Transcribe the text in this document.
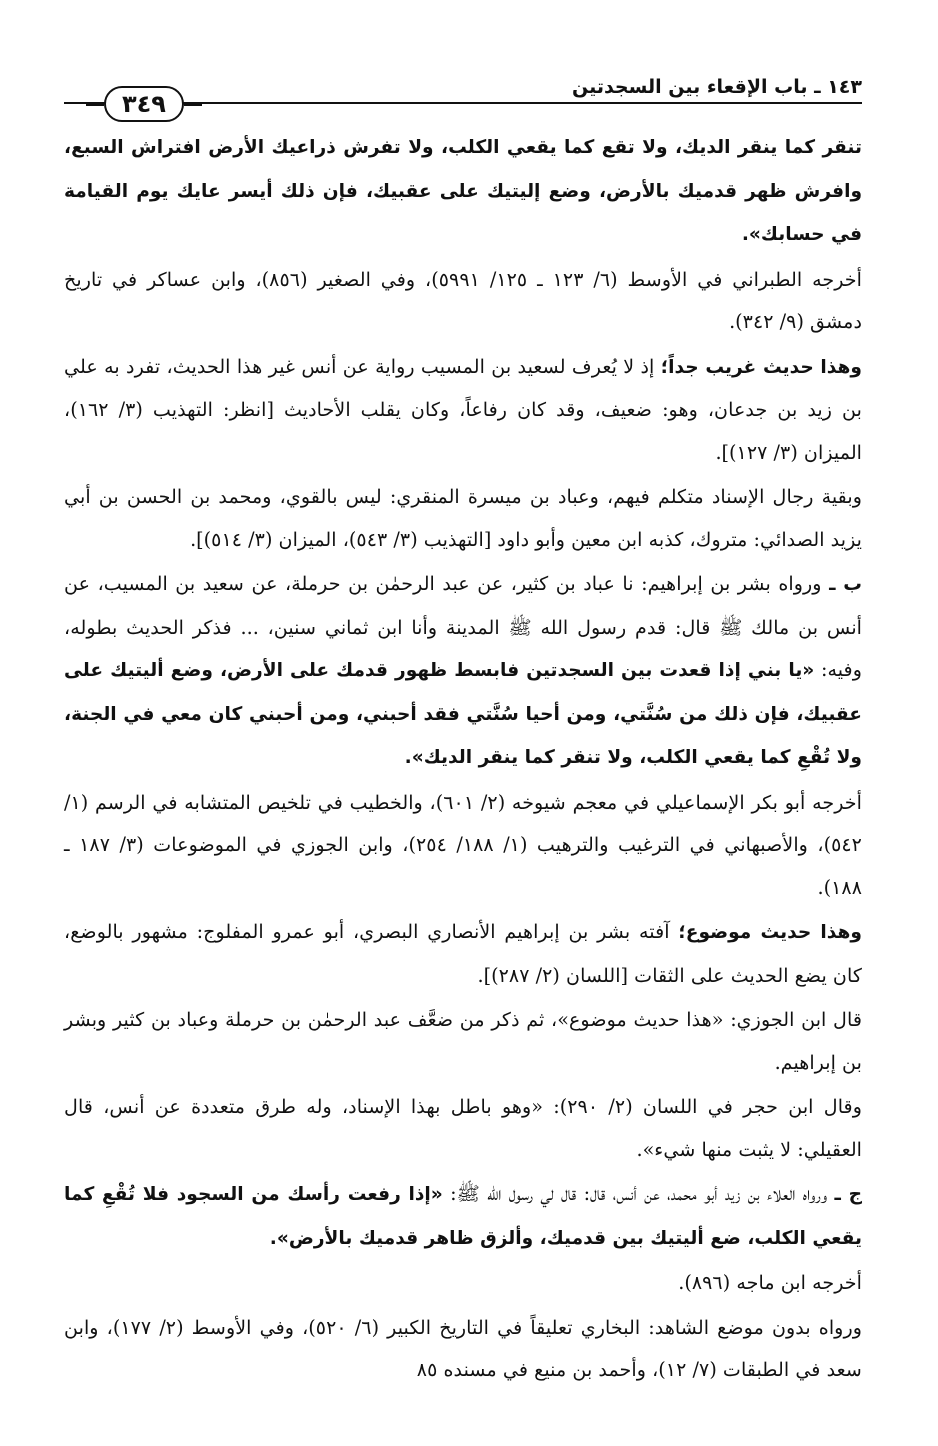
١٤٣ ـ باب الإقعاء بين السجدتين
٣٤٩

تنقر كما ينقر الديك، ولا تقع كما يقعي الكلب، ولا تفرش ذراعيك الأرض افتراش السبع، وافرش ظهر قدميك بالأرض، وضع إليتيك على عقبيك، فإن ذلك أيسر عايك يوم القيامة في حسابك».

أخرجه الطبراني في الأوسط (٦/ ١٢٣ ـ ١٢٥/ ٥٩٩١)، وفي الصغير (٨٥٦)، وابن عساكر في تاريخ دمشق (٩/ ٣٤٢).

وهذا حديث غريب جداً؛ إذ لا يُعرف لسعيد بن المسيب رواية عن أنس غير هذا الحديث، تفرد به علي بن زيد بن جدعان، وهو: ضعيف، وقد كان رفاعاً، وكان يقلب الأحاديث [انظر: التهذيب (٣/ ١٦٢)، الميزان (٣/ ١٢٧)].

وبقية رجال الإسناد متكلم فيهم، وعباد بن ميسرة المنقري: ليس بالقوي، ومحمد بن الحسن بن أبي يزيد الصدائي: متروك، كذبه ابن معين وأبو داود [التهذيب (٣/ ٥٤٣)، الميزان (٣/ ٥١٤)].

ب ـ ورواه بشر بن إبراهيم: نا عباد بن كثير، عن عبد الرحمٰن بن حرملة، عن سعيد بن المسيب، عن أنس بن مالك ﷺ قال: قدم رسول الله ﷺ المدينة وأنا ابن ثماني سنين، ... فذكر الحديث بطوله، وفيه: «يا بني إذا قعدت بين السجدتين فابسط ظهور قدمك على الأرض، وضع أليتيك على عقبيك، فإن ذلك من سُنَّتي، ومن أحيا سُنَّتي فقد أحبني، ومن أحبني كان معي في الجنة، ولا تُقْعِ كما يقعي الكلب، ولا تنقر كما ينقر الديك».

أخرجه أبو بكر الإسماعيلي في معجم شيوخه (٢/ ٦٠١)، والخطيب في تلخيص المتشابه في الرسم (١/ ٥٤٢)، والأصبهاني في الترغيب والترهيب (١/ ١٨٨/ ٢٥٤)، وابن الجوزي في الموضوعات (٣/ ١٨٧ ـ ١٨٨).

وهذا حديث موضوع؛ آفته بشر بن إبراهيم الأنصاري البصري، أبو عمرو المفلوج: مشهور بالوضع، كان يضع الحديث على الثقات [اللسان (٢/ ٢٨٧)].

قال ابن الجوزي: «هذا حديث موضوع»، ثم ذكر من ضعَّف عبد الرحمٰن بن حرملة وعباد بن كثير وبشر بن إبراهيم.

وقال ابن حجر في اللسان (٢/ ٢٩٠): «وهو باطل بهذا الإسناد، وله طرق متعددة عن أنس، قال العقيلي: لا يثبت منها شيء».

ج ـ ورواه العلاء بن زيد أبو محمد، عن أنس، قال: قال لي رسول الله ﷺ: «إذا رفعت رأسك من السجود فلا تُقْعِ كما يقعي الكلب، ضع أليتيك بين قدميك، وألزق ظاهر قدميك بالأرض».

أخرجه ابن ماجه (٨٩٦).

ورواه بدون موضع الشاهد: البخاري تعليقاً في التاريخ الكبير (٦/ ٥٢٠)، وفي الأوسط (٢/ ١٧٧)، وابن سعد في الطبقات (٧/ ١٢)، وأحمد بن منيع في مسنده ٨٥
